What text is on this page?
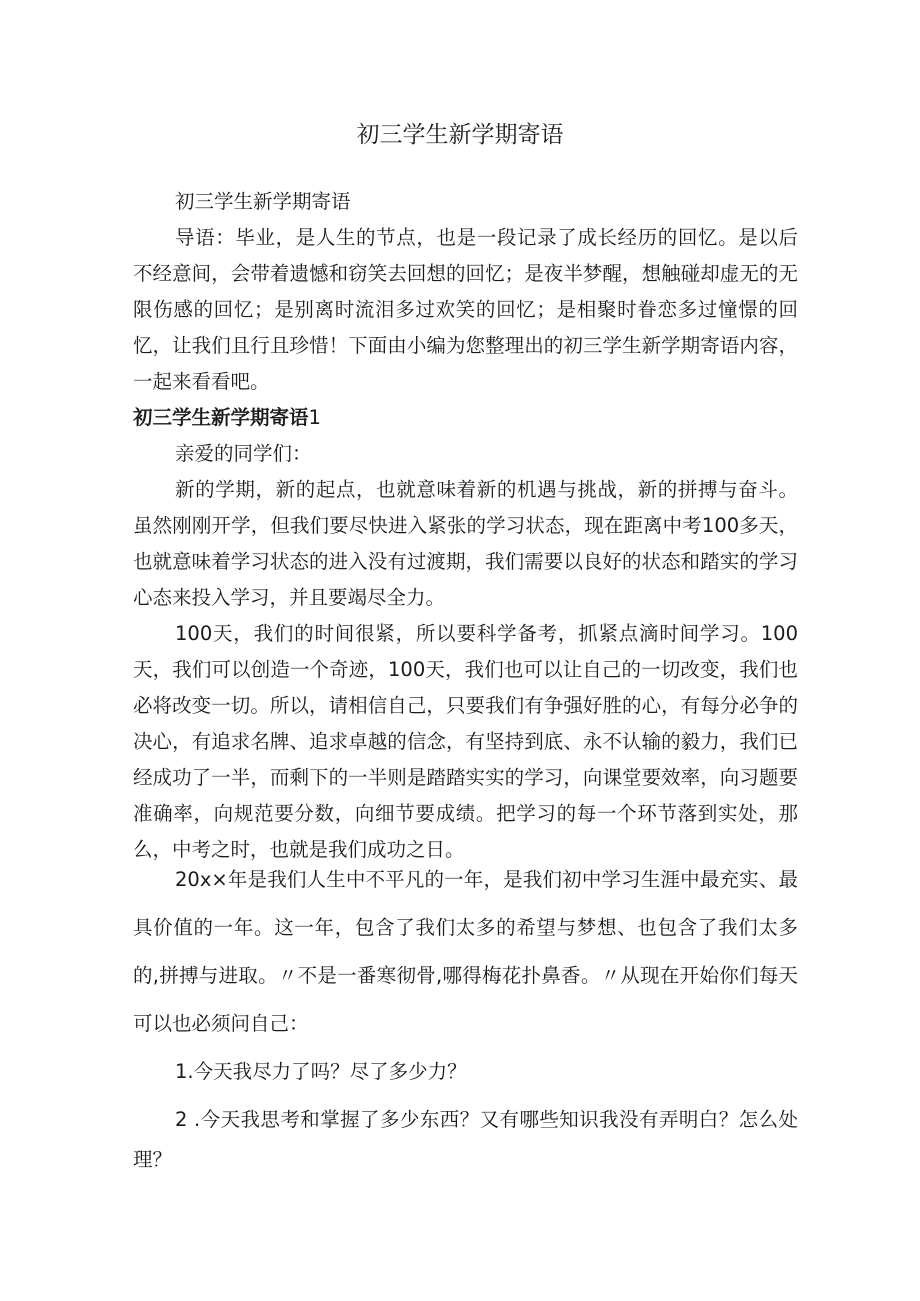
初三学生新学期寄语

初三学生新学期寄语

导语：毕业，是人生的节点，也是一段记录了成长经历的回忆。是以后不经意间，会带着遗憾和窃笑去回想的回忆；是夜半梦醒，想触碰却虚无的无限伤感的回忆；是别离时流泪多过欢笑的回忆；是相聚时眷恋多过憧憬的回忆，让我们且行且珍惜！下面由小编为您整理出的初三学生新学期寄语内容，一起来看看吧。

初三学生新学期寄语1

亲爱的同学们：

新的学期，新的起点，也就意味着新的机遇与挑战，新的拼搏与奋斗。虽然刚刚开学，但我们要尽快进入紧张的学习状态，现在距离中考100多天，也就意味着学习状态的进入没有过渡期，我们需要以良好的状态和踏实的学习心态来投入学习，并且要竭尽全力。

100天，我们的时间很紧，所以要科学备考，抓紧点滴时间学习。100天，我们可以创造一个奇迹，100天，我们也可以让自己的一切改变，我们也必将改变一切。所以，请相信自己，只要我们有争强好胜的心，有每分必争的决心，有追求名牌、追求卓越的信念，有坚持到底、永不认输的毅力，我们已经成功了一半，而剩下的一半则是踏踏实实的学习，向课堂要效率，向习题要准确率，向规范要分数，向细节要成绩。把学习的每一个环节落到实处，那么，中考之时，也就是我们成功之日。

20x×年是我们人生中不平凡的一年，是我们初中学习生涯中最充实、最具价值的一年。这一年，包含了我们太多的希望与梦想、也包含了我们太多的,拼搏与进取。〃不是一番寒彻骨,哪得梅花扑鼻香。〃从现在开始你们每天可以也必须问自己：

1.今天我尽力了吗？尽了多少力？

2 .今天我思考和掌握了多少东西？又有哪些知识我没有弄明白？怎么处理？
